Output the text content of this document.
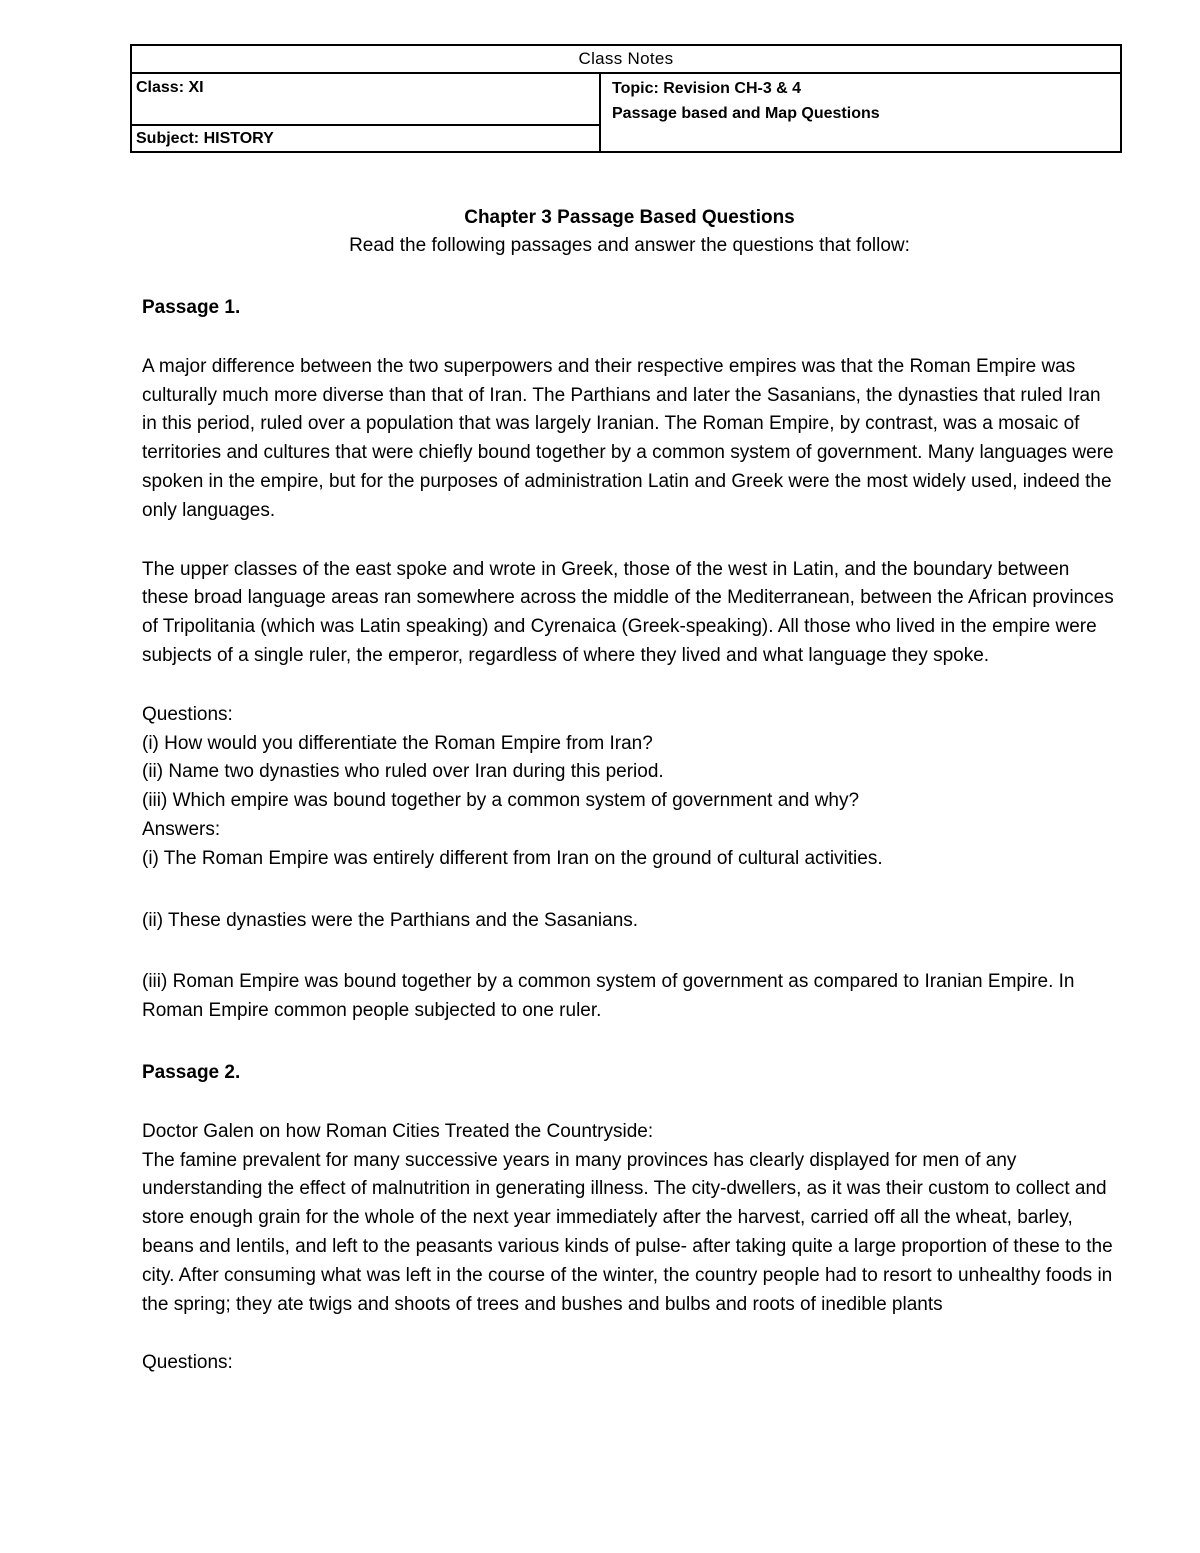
Class Notes
Class: XI
Subject: HISTORY
Topic: Revision CH-3 & 4
Passage based and Map Questions
Chapter 3 Passage Based Questions
Read the following passages and answer the questions that follow:

Passage 1.

A major difference between the two superpowers and their respective empires was that the Roman Empire was culturally much more diverse than that of Iran. The Parthians and later the Sasanians, the dynasties that ruled Iran in this period, ruled over a population that was largely Iranian. The Roman Empire, by contrast, was a mosaic of territories and cultures that were chiefly bound together by a common system of government. Many languages were spoken in the empire, but for the purposes of administration Latin and Greek were the most widely used, indeed the only languages.

The upper classes of the east spoke and wrote in Greek, those of the west in Latin, and the boundary between these broad language areas ran somewhere across the middle of the Mediterranean, between the African provinces of Tripolitania (which was Latin speaking) and Cyrenaica (Greek-speaking). All those who lived in the empire were subjects of a single ruler, the emperor, regardless of where they lived and what language they spoke.

Questions:

(i) How would you differentiate the Roman Empire from Iran?

(ii) Name two dynasties who ruled over Iran during this period.

(iii) Which empire was bound together by a common system of government and why?

Answers:

(i) The Roman Empire was entirely different from Iran on the ground of cultural activities.

(ii) These dynasties were the Parthians and the Sasanians.

(iii) Roman Empire was bound together by a common system of government as compared to Iranian Empire. In Roman Empire common people subjected to one ruler.

Passage 2.

Doctor Galen on how Roman Cities Treated the Countryside:

The famine prevalent for many successive years in many provinces has clearly displayed for men of any understanding the effect of malnutrition in generating illness. The city-dwellers, as it was their custom to collect and store enough grain for the whole of the next year immediately after the harvest, carried off all the wheat, barley, beans and lentils, and left to the peasants various kinds of pulse- after taking quite a large proportion of these to the city. After consuming what was left in the course of the winter, the country people had to resort to unhealthy foods in the spring; they ate twigs and shoots of trees and bushes and bulbs and roots of inedible plants

Questions:
